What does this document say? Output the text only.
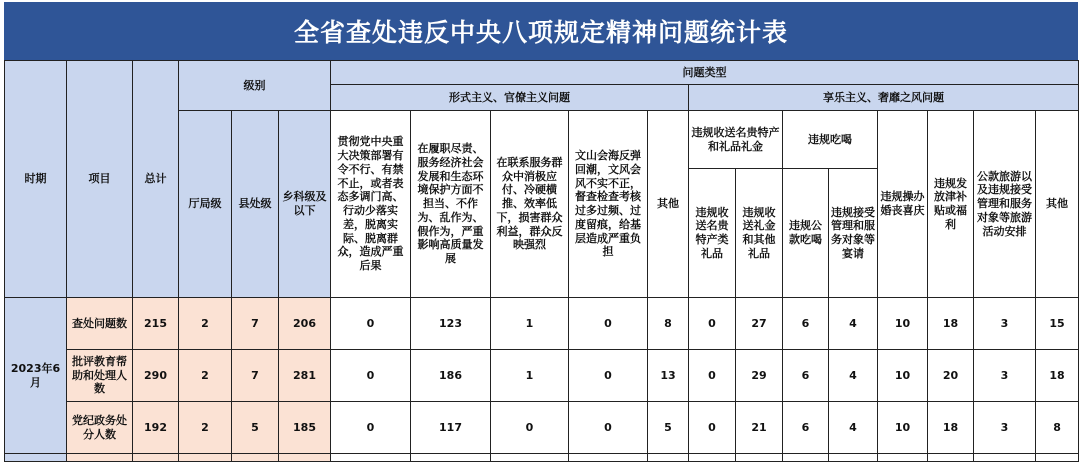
全省查处违反中央八项规定精神问题统计表
时期	项目	总计	级别			问题类型												
						形式主义、官僚主义问题					享乐主义、奢靡之风问题							
			厅局级	县处级	乡科级及以下	贯彻党中央重大决策部署有令不行、有禁不止，或者表态多调门高、行动少落实差，脱离实际、脱离群众，造成严重后果	在履职尽责、服务经济社会发展和生态环境保护方面不担当、不作为、乱作为、假作为，严重影响高质量发展	在联系服务群众中消极应付、冷硬横推、效率低下，损害群众利益，群众反映强烈	文山会海反弹回潮，文风会风不实不正，督查检查考核过多过频、过度留痕，给基层造成严重负担	其他	违规收送名贵特产和礼品礼金		违规吃喝		违规操办婚丧喜庆	违规发放津补贴或福利	公款旅游以及违规接受管理和服务对象等旅游活动安排	其他
											违规收送名贵特产类礼品	违规收送礼金和其他礼品	违规公款吃喝	违规接受管理和服务对象等宴请				
2023年6月	查处问题数	215	2	7	206	0	123	1	0	8	0	27	6	4	10	18	3	15
	批评教育帮助和处理人数	290	2	7	281	0	186	1	0	13	0	29	6	4	10	20	3	18
	党纪政务处分人数	192	2	5	185	0	117	0	0	5	0	21	6	4	10	18	3	8
